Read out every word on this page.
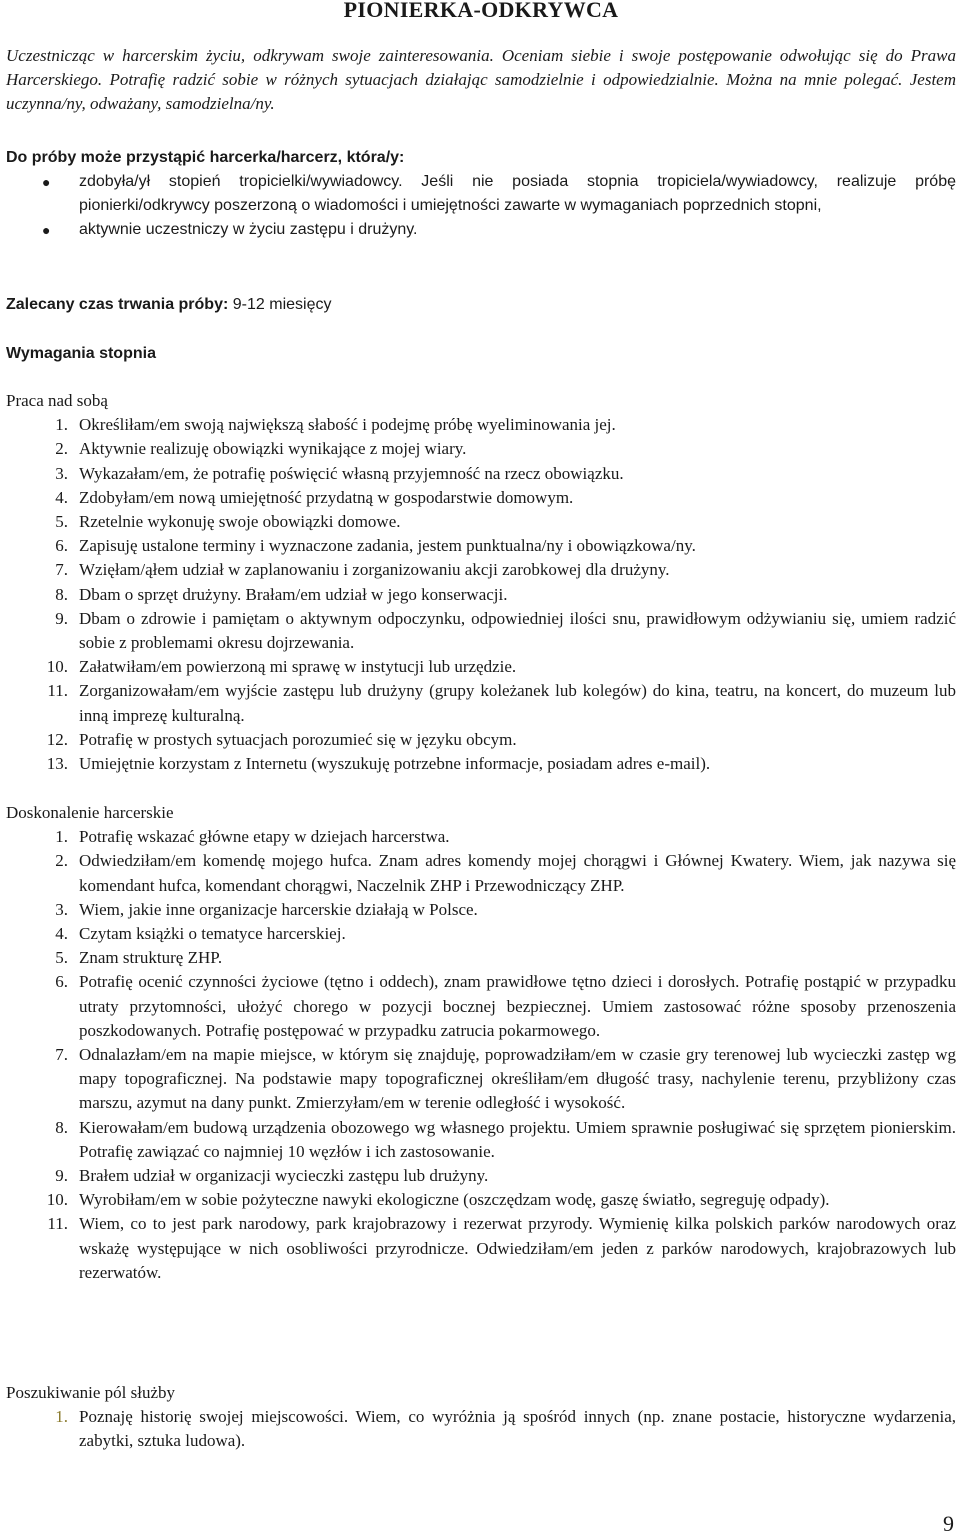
PIONIERKA-ODKRYWCA
Uczestnicząc w harcerskim życiu, odkrywam swoje zainteresowania. Oceniam siebie i swoje postępowanie odwołując się do Prawa Harcerskiego. Potrafię radzić sobie w różnych sytuacjach działając samodzielnie i odpowiedzialnie. Można na mnie polegać. Jestem uczynna/ny, odważany, samodzielna/ny.
Do próby może przystąpić harcerka/harcerz, która/y:
●	zdobyła/ył stopień tropicielki/wywiadowcy. Jeśli nie posiada stopnia tropiciela/wywiadowcy, realizuje próbę pionierki/odkrywcy poszerzoną o wiadomości i umiejętności zawarte w wymaganiach poprzednich stopni,
●	aktywnie uczestniczy w życiu zastępu i drużyny.
Zalecany czas trwania próby: 9-12 miesięcy
Wymagania stopnia
Praca nad sobą
1. Określiłam/em swoją największą słabość i podejmę próbę wyeliminowania jej.
2. Aktywnie realizuję obowiązki wynikające z mojej wiary.
3. Wykazałam/em, że potrafię poświęcić własną przyjemność na rzecz obowiązku.
4. Zdobyłam/em nową umiejętność przydatną w gospodarstwie domowym.
5. Rzetelnie wykonuję swoje obowiązki domowe.
6. Zapisuję ustalone terminy i wyznaczone zadania, jestem punktualna/ny i obowiązkowa/ny.
7. Wzięłam/ąłem udział w zaplanowaniu i zorganizowaniu akcji zarobkowej dla drużyny.
8. Dbam o sprzęt drużyny. Brałam/em udział w jego konserwacji.
9. Dbam o zdrowie i pamiętam o aktywnym odpoczynku, odpowiedniej ilości snu, prawidłowym odżywianiu się, umiem radzić sobie z problemami okresu dojrzewania.
10. Załatwiłam/em powierzoną mi sprawę w instytucji lub urzędzie.
11. Zorganizowałam/em wyjście zastępu lub drużyny (grupy koleżanek lub kolegów) do kina, teatru, na koncert, do muzeum lub inną imprezę kulturalną.
12. Potrafię w prostych sytuacjach porozumieć się w języku obcym.
13. Umiejętnie korzystam z Internetu (wyszukuję potrzebne informacje, posiadam adres e-mail).
Doskonalenie harcerskie
1. Potrafię wskazać główne etapy w dziejach harcerstwa.
2. Odwiedziłam/em komendę mojego hufca. Znam adres komendy mojej chorągwi i Głównej Kwatery. Wiem, jak nazywa się komendant hufca, komendant chorągwi, Naczelnik ZHP i Przewodniczący ZHP.
3. Wiem, jakie inne organizacje harcerskie działają w Polsce.
4. Czytam książki o tematyce harcerskiej.
5. Znam strukturę ZHP.
6. Potrafię ocenić czynności życiowe (tętno i oddech), znam prawidłowe tętno dzieci i dorosłych. Potrafię postąpić w przypadku utraty przytomności, ułożyć chorego w pozycji bocznej bezpiecznej. Umiem zastosować różne sposoby przenoszenia poszkodowanych. Potrafię postępować w przypadku zatrucia pokarmowego.
7. Odnalazłam/em na mapie miejsce, w którym się znajduję, poprowadziłam/em w czasie gry terenowej lub wycieczki zastęp wg mapy topograficznej. Na podstawie mapy topograficznej określiłam/em długość trasy, nachylenie terenu, przybliżony czas marszu, azymut na dany punkt. Zmierzyłam/em w terenie odległość i wysokość.
8. Kierowałam/em budową urządzenia obozowego wg własnego projektu. Umiem sprawnie posługiwać się sprzętem pionierskim. Potrafię zawiązać co najmniej 10 węzłów i ich zastosowanie.
9. Brałem udział w organizacji wycieczki zastępu lub drużyny.
10. Wyrobiłam/em w sobie pożyteczne nawyki ekologiczne (oszczędzam wodę, gaszę światło, segreguję odpady).
11. Wiem, co to jest park narodowy, park krajobrazowy i rezerwat przyrody. Wymienię kilka polskich parków narodowych oraz wskażę występujące w nich osobliwości przyrodnicze. Odwiedziłam/em jeden z parków narodowych, krajobrazowych lub rezerwatów.
Poszukiwanie pól służby
1. Poznaję historię swojej miejscowości. Wiem, co wyróżnia ją spośród innych (np. znane postacie, historyczne wydarzenia, zabytki, sztuka ludowa).
9
